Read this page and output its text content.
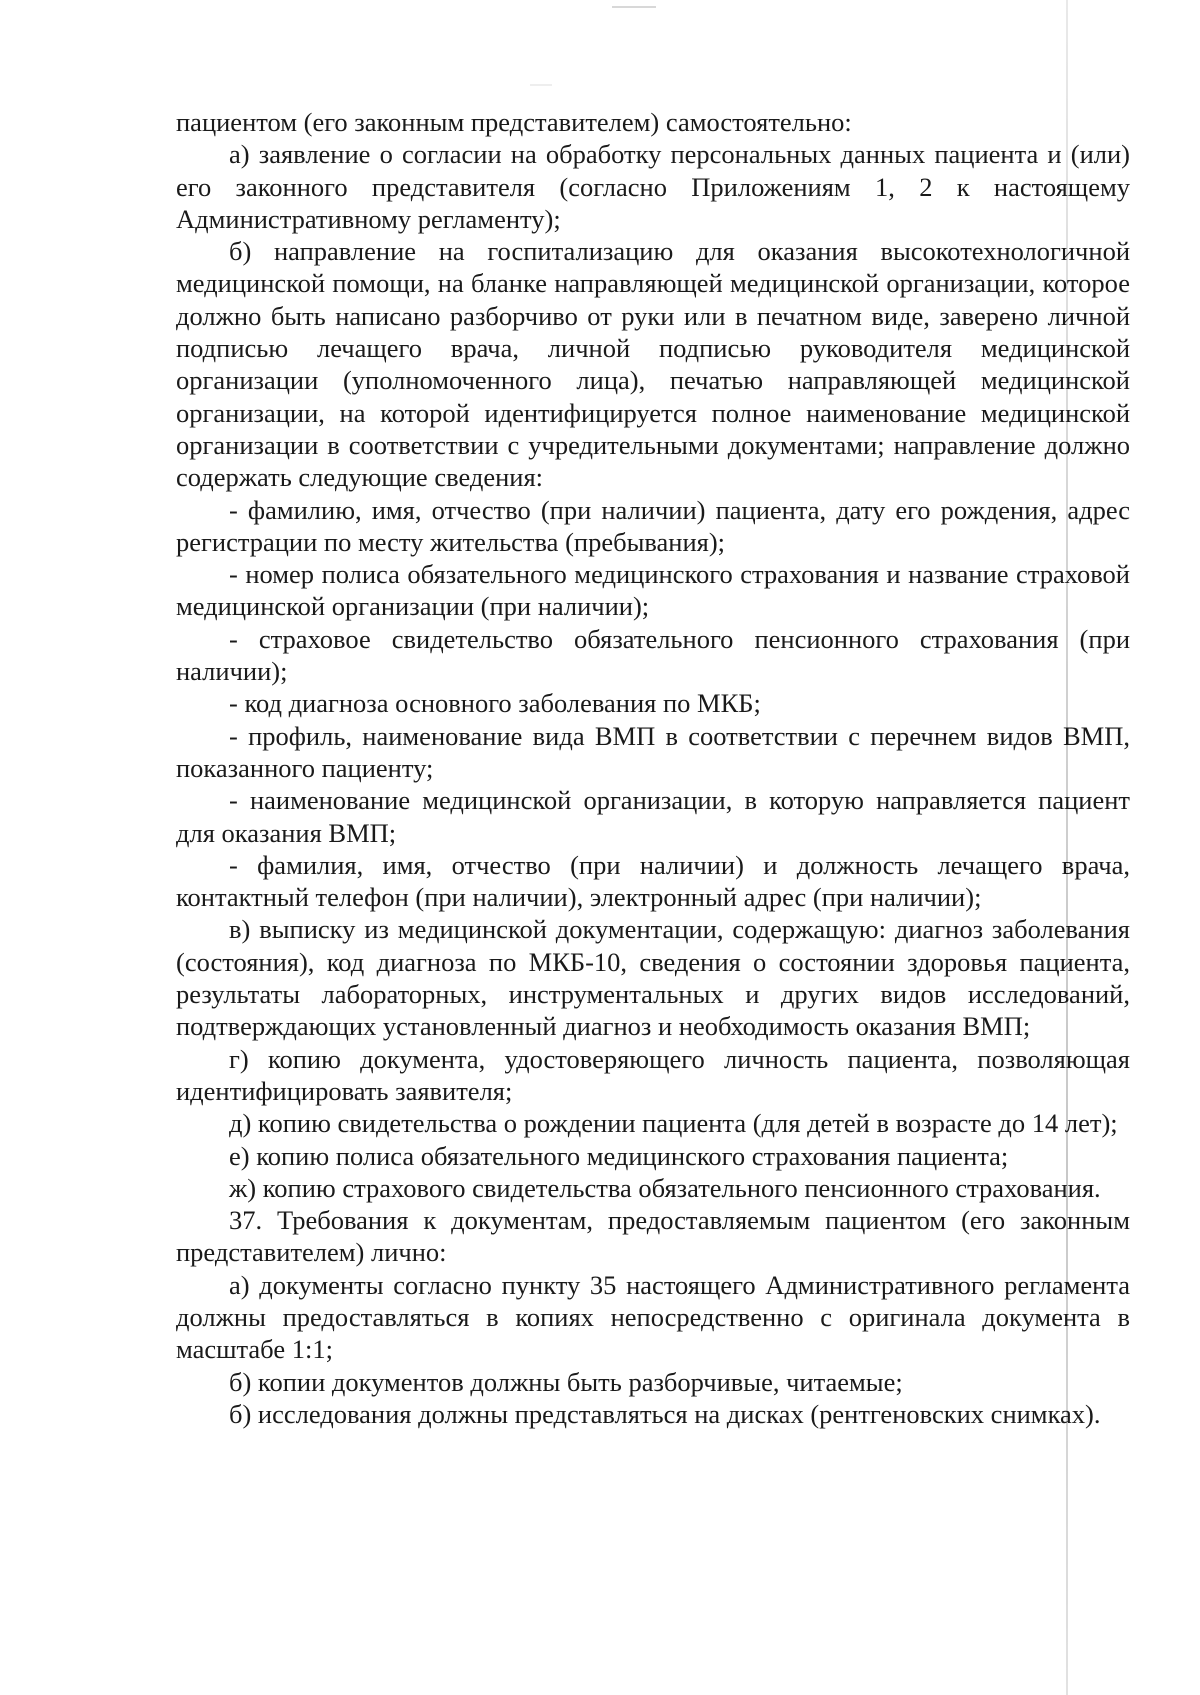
пациентом (его законным представителем) самостоятельно:

а) заявление о согласии на обработку персональных данных пациента и (или) его законного представителя (согласно Приложениям 1, 2 к настоящему Административному регламенту);

б) направление на госпитализацию для оказания высокотехнологичной медицинской помощи, на бланке направляющей медицинской организации, которое должно быть написано разборчиво от руки или в печатном виде, заверено личной подписью лечащего врача, личной подписью руководителя медицинской организации (уполномоченного лица), печатью направляющей медицинской организации, на которой идентифицируется полное наименование медицинской организации в соответствии с учредительными документами; направление должно содержать следующие сведения:

- фамилию, имя, отчество (при наличии) пациента, дату его рождения, адрес регистрации по месту жительства (пребывания);

- номер полиса обязательного медицинского страхования и название страховой медицинской организации (при наличии);

- страховое свидетельство обязательного пенсионного страхования (при наличии);

- код диагноза основного заболевания по МКБ;

- профиль, наименование вида ВМП в соответствии с перечнем видов ВМП, показанного пациенту;

- наименование медицинской организации, в которую направляется пациент для оказания ВМП;

- фамилия, имя, отчество (при наличии) и должность лечащего врача, контактный телефон (при наличии), электронный адрес (при наличии);

в) выписку из медицинской документации, содержащую: диагноз заболевания (состояния), код диагноза по МКБ-10, сведения о состоянии здоровья пациента, результаты лабораторных, инструментальных и других видов исследований, подтверждающих установленный диагноз и необходимость оказания ВМП;

г) копию документа, удостоверяющего личность пациента, позволяющая идентифицировать заявителя;

д) копию свидетельства о рождении пациента (для детей в возрасте до 14 лет);

е) копию полиса обязательного медицинского страхования пациента;

ж) копию страхового свидетельства обязательного пенсионного страхования.

37. Требования к документам, предоставляемым пациентом (его законным представителем) лично:

а) документы согласно пункту 35 настоящего Административного регламента должны предоставляться в копиях непосредственно с оригинала документа в масштабе 1:1;

б) копии документов должны быть разборчивые, читаемые;

б) исследования должны представляться на дисках (рентгеновских снимках).
